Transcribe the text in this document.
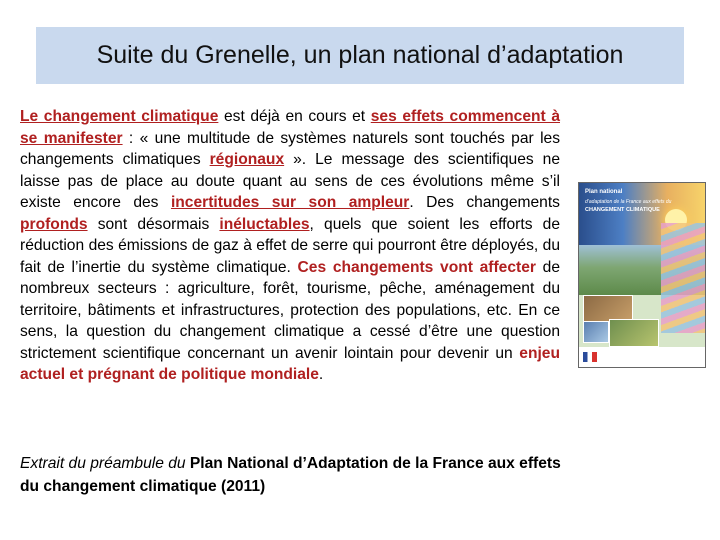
Suite du Grenelle, un plan national d’adaptation

Le changement climatique est déjà en cours et ses effets commencent à se manifester : « une multitude de systèmes naturels sont touchés par les changements climatiques régionaux ». Le message des scientifiques ne laisse pas de place au doute quant au sens de ces évolutions même s’il existe encore des incertitudes sur son ampleur. Des changements profonds sont désormais inéluctables, quels que soient les efforts de réduction des émissions de gaz à effet de serre qui pourront être déployés, du fait de l’inertie du système climatique. Ces changements vont affecter de nombreux secteurs : agriculture, forêt, tourisme, pêche, aménagement du territoire, bâtiments et infrastructures, protection des populations, etc. En ce sens, la question du changement climatique a cessé d’être une question strictement scientifique concernant un avenir lointain pour devenir un enjeu actuel et prégnant de politique mondiale.

Plan national
d’adaptation de la France aux effets du
CHANGEMENT CLIMATIQUE

Extrait du préambule du Plan National d’Adaptation de la France aux effets du changement climatique (2011)
